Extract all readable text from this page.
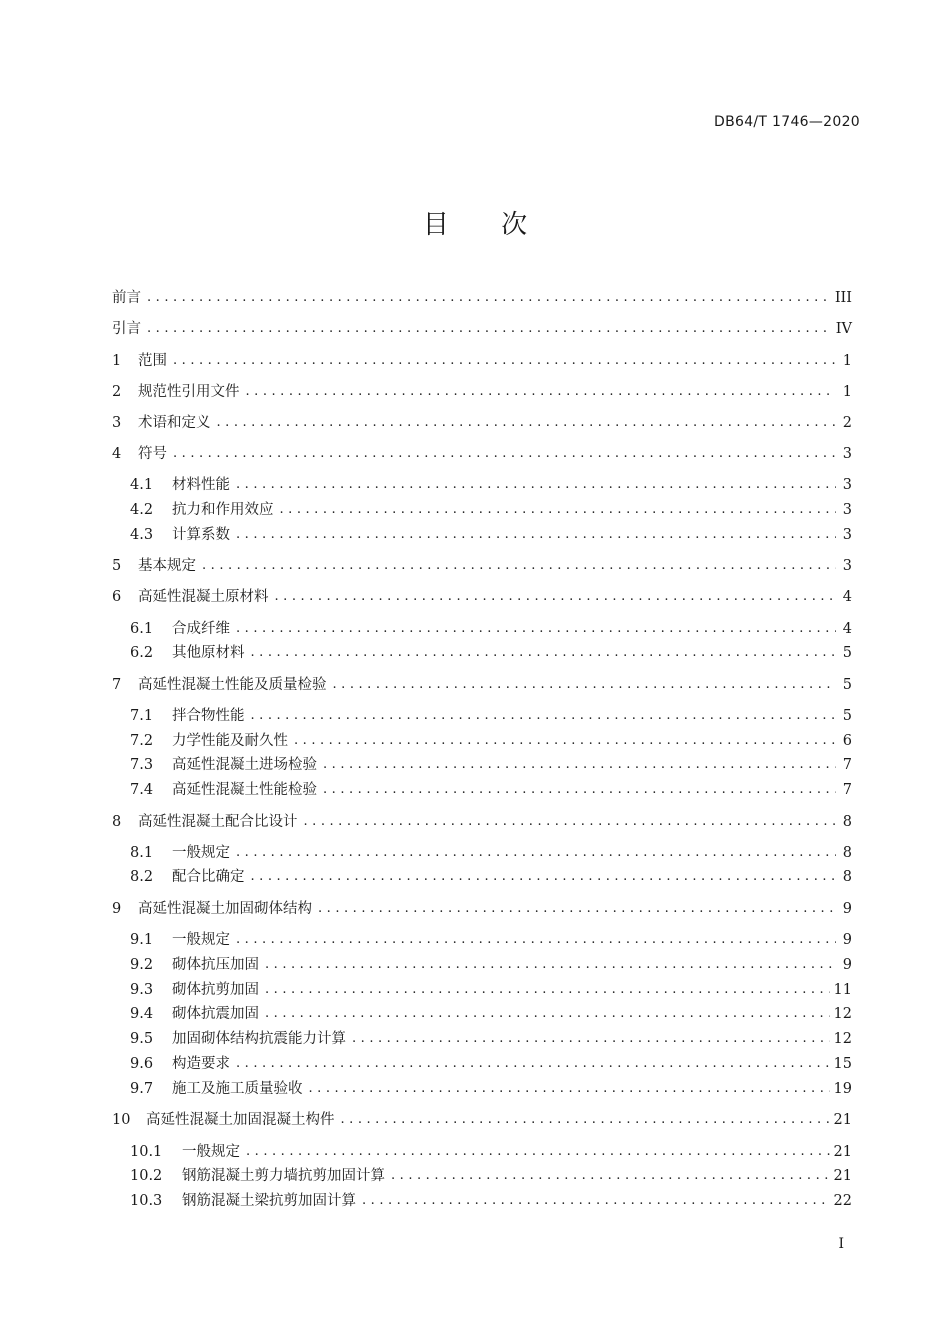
DB64/T 1746—2020
目 次
前言 . . .	III
引言 . . .	IV
1	范围 . . .	1
2	规范性引用文件 . . .	1
3	术语和定义 . . .	2
4	符号 . . .	3
4.1	材料性能 . . .	3
4.2	抗力和作用效应 . . .	3
4.3	计算系数 . . .	3
5	基本规定 . . .	3
6	高延性混凝土原材料 . . .	4
6.1	合成纤维 . . .	4
6.2	其他原材料 . . .	5
7	高延性混凝土性能及质量检验 . . .	5
7.1	拌合物性能 . . .	5
7.2	力学性能及耐久性 . . .	6
7.3	高延性混凝土进场检验 . . .	7
7.4	高延性混凝土性能检验 . . .	7
8	高延性混凝土配合比设计 . . .	8
8.1	一般规定 . . .	8
8.2	配合比确定 . . .	8
9	高延性混凝土加固砌体结构 . . .	9
9.1	一般规定 . . .	9
9.2	砌体抗压加固 . . .	9
9.3	砌体抗剪加固 . . .	11
9.4	砌体抗震加固 . . .	12
9.5	加固砌体结构抗震能力计算 . . .	12
9.6	构造要求 . . .	15
9.7	施工及施工质量验收 . . .	19
10	高延性混凝土加固混凝土构件 . . .	21
10.1	一般规定 . . .	21
10.2	钢筋混凝土剪力墙抗剪加固计算 . . .	21
10.3	钢筋混凝土梁抗剪加固计算 . . .	22
I
